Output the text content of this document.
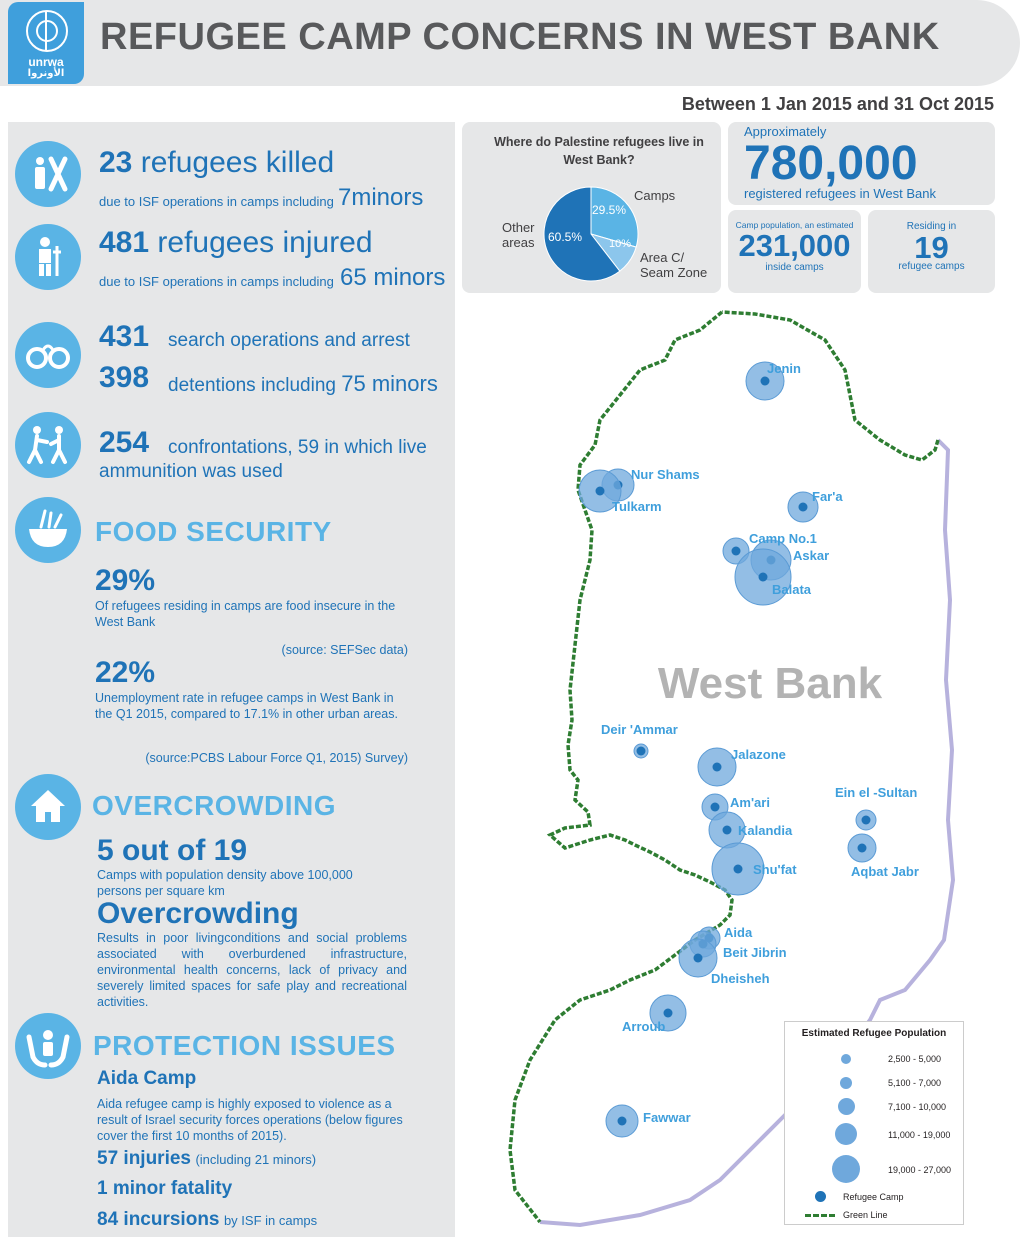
unrwa
الأونروا
REFUGEE CAMP CONCERNS IN WEST BANK
Between 1 Jan 2015 and 31 Oct 2015
23 refugees killed
due to ISF operations in camps including 7minors
481 refugees injured
due to ISF operations in camps including 65 minors
431 search operations and arrest
398 detentions including 75 minors
254 confrontations, 59 in which live
ammunition was used
FOOD SECURITY
29%
Of refugees residing in camps are food insecure in the West Bank
(source: SEFSec data)
22%
Unemployment rate in refugee camps in West Bank in the Q1 2015, compared to 17.1% in other urban areas.
(source:PCBS Labour Force Q1, 2015) Survey)
OVERCROWDING
5 out of 19
Camps with population density above 100,000 persons per square km
Overcrowding
Results in poor livingconditions and social problems associated with overburdened infrastructure, environmental health concerns, lack of privacy and severely limited spaces for safe play and recreational activities.
PROTECTION ISSUES
Aida Camp
Aida refugee camp is highly exposed to violence as a result of Israel security forces operations (below figures cover the first 10 months of 2015).
57 injuries (including 21 minors)
1 minor fatality
84 incursions by ISF in camps
Where do Palestine refugees live in West Bank?
Camps
Other
areas
Area C/
Seam Zone
29.5%
10%
60.5%
Approximately
780,000
registered refugees in West Bank
Camp population, an estimated
231,000
inside camps
Residing in
19
refugee camps
West Bank
Jenin
Nur Shams
Tulkarm
Far'a
Camp No.1
Askar
Balata
Deir 'Ammar
Jalazone
Am'ari
Kalandia
Shu'fat
Ein el -Sultan
Aqbat Jabr
Aida
Beit Jibrin
Dheisheh
Arroub
Fawwar
Estimated Refugee Population
2,500 - 5,000
5,100 - 7,000
7,100 - 10,000
11,000 - 19,000
19,000 - 27,000
Refugee Camp
Green Line
